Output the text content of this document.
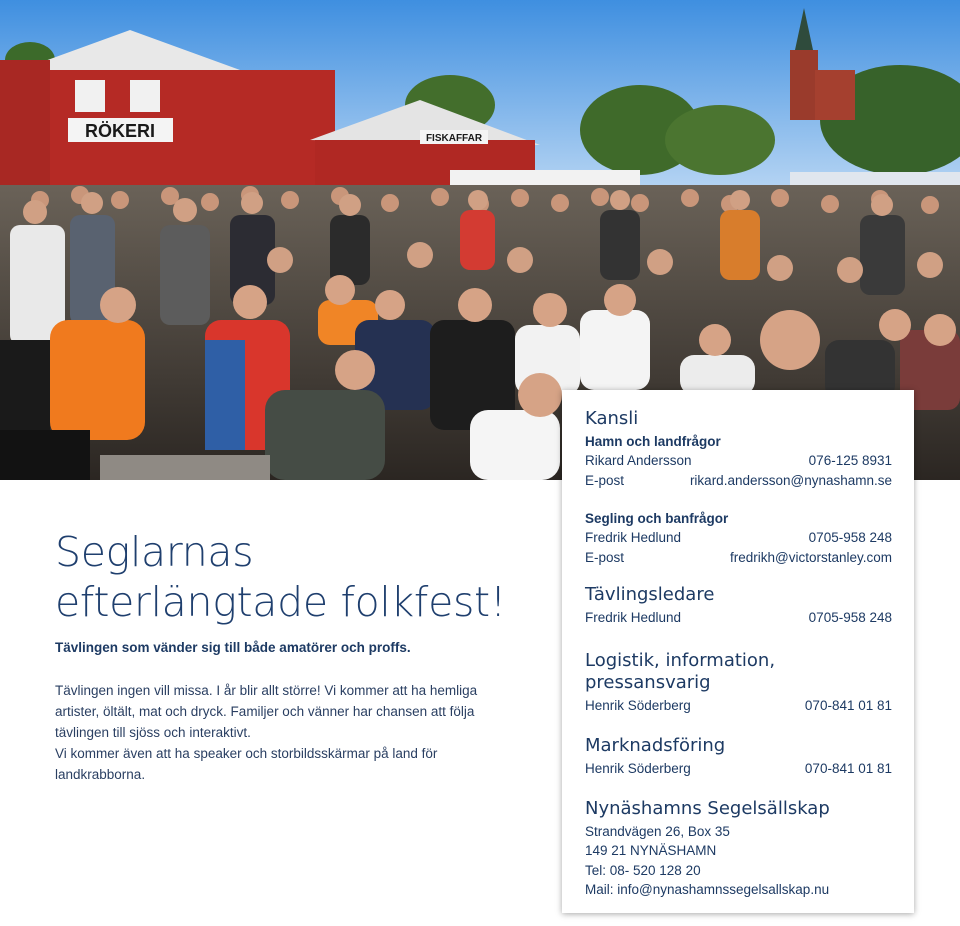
RÖKERI	FISKAFFAR
Seglarnas efterlängtade folkfest!
Tävlingen som vänder sig till både amatörer och proffs.

Tävlingen ingen vill missa. I år blir allt större! Vi kommer att ha hemliga artister, öltält, mat och dryck. Familjer och vänner har chansen att följa tävlingen till sjöss och interaktivt.

Vi kommer även att ha speaker och storbildsskärmar på land för landkrabborna.

Kansli
Hamn och landfrågor
Rikard Andersson	076-125 8931
E-post	rikard.andersson@nynashamn.se
Segling och banfrågor
Fredrik Hedlund	0705-958 248
E-post	fredrikh@victorstanley.com
Tävlingsledare
Fredrik Hedlund	0705-958 248
Logistik, information, pressansvarig
Henrik Söderberg	070-841 01 81
Marknadsföring
Henrik Söderberg	070-841 01 81
Nynäshamns Segelsällskap
Strandvägen 26, Box 35
149 21 NYNÄSHAMN
Tel: 08- 520 128 20
Mail: info@nynashamnssegelsallskap.nu
